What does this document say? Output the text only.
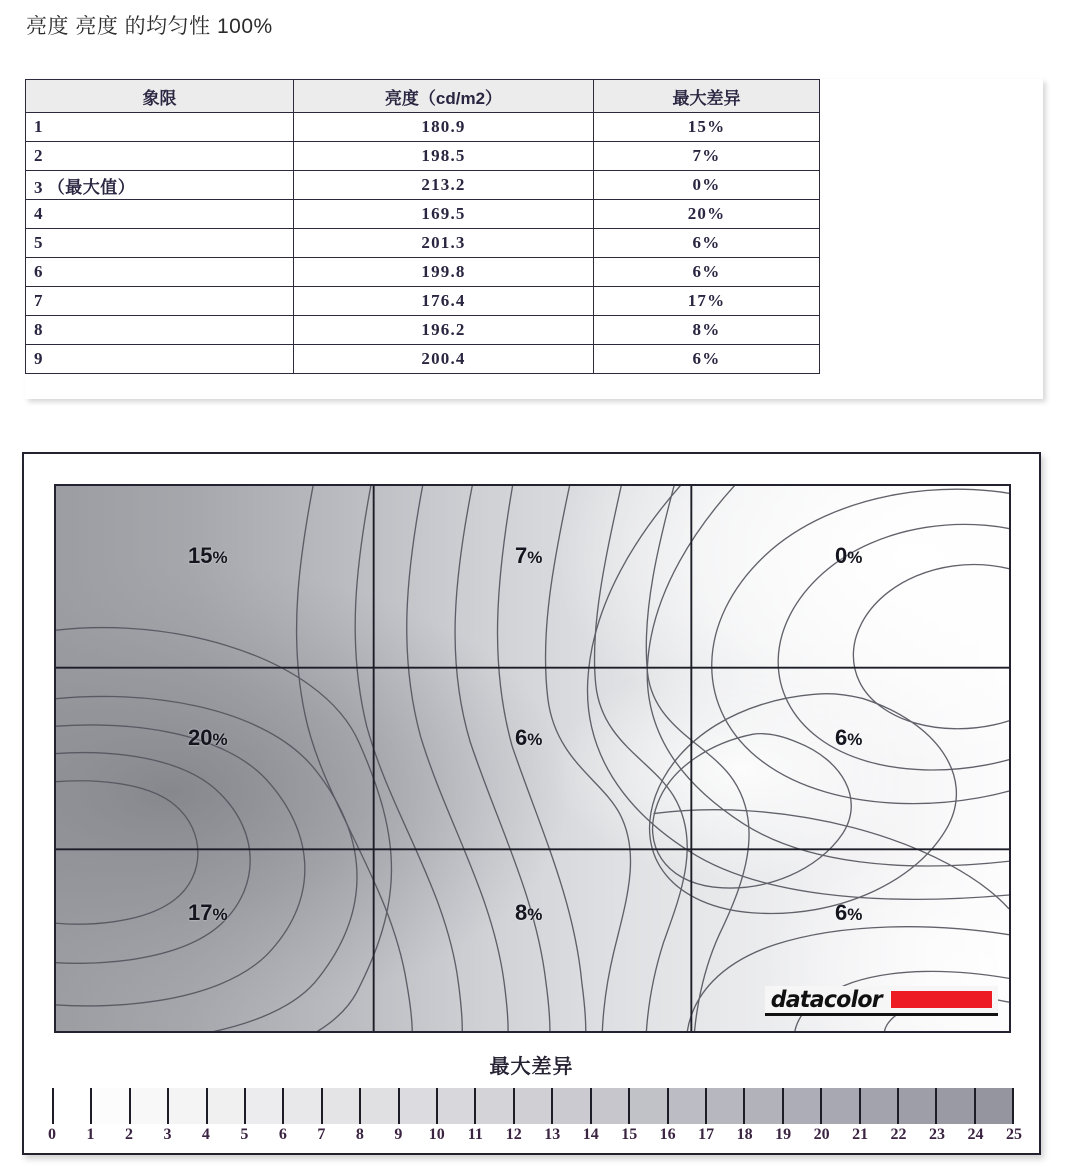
亮度 亮度 的均匀性 100%
象限	亮度（cd/m2）	最大差异
1	180.9	15%
2	198.5	7%
3 （最大值）	213.2	0%
4	169.5	20%
5	201.3	6%
6	199.8	6%
7	176.4	17%
8	196.2	8%
9	200.4	6%
datacolor
最大差异
0 1 2 3 4 5 6 7 8 9 10 11 12 13 14 15 16 17 18 19 20 21 22 23 24 25
15%	7%	0%
20%	6%	6%
17%	8%	6%
